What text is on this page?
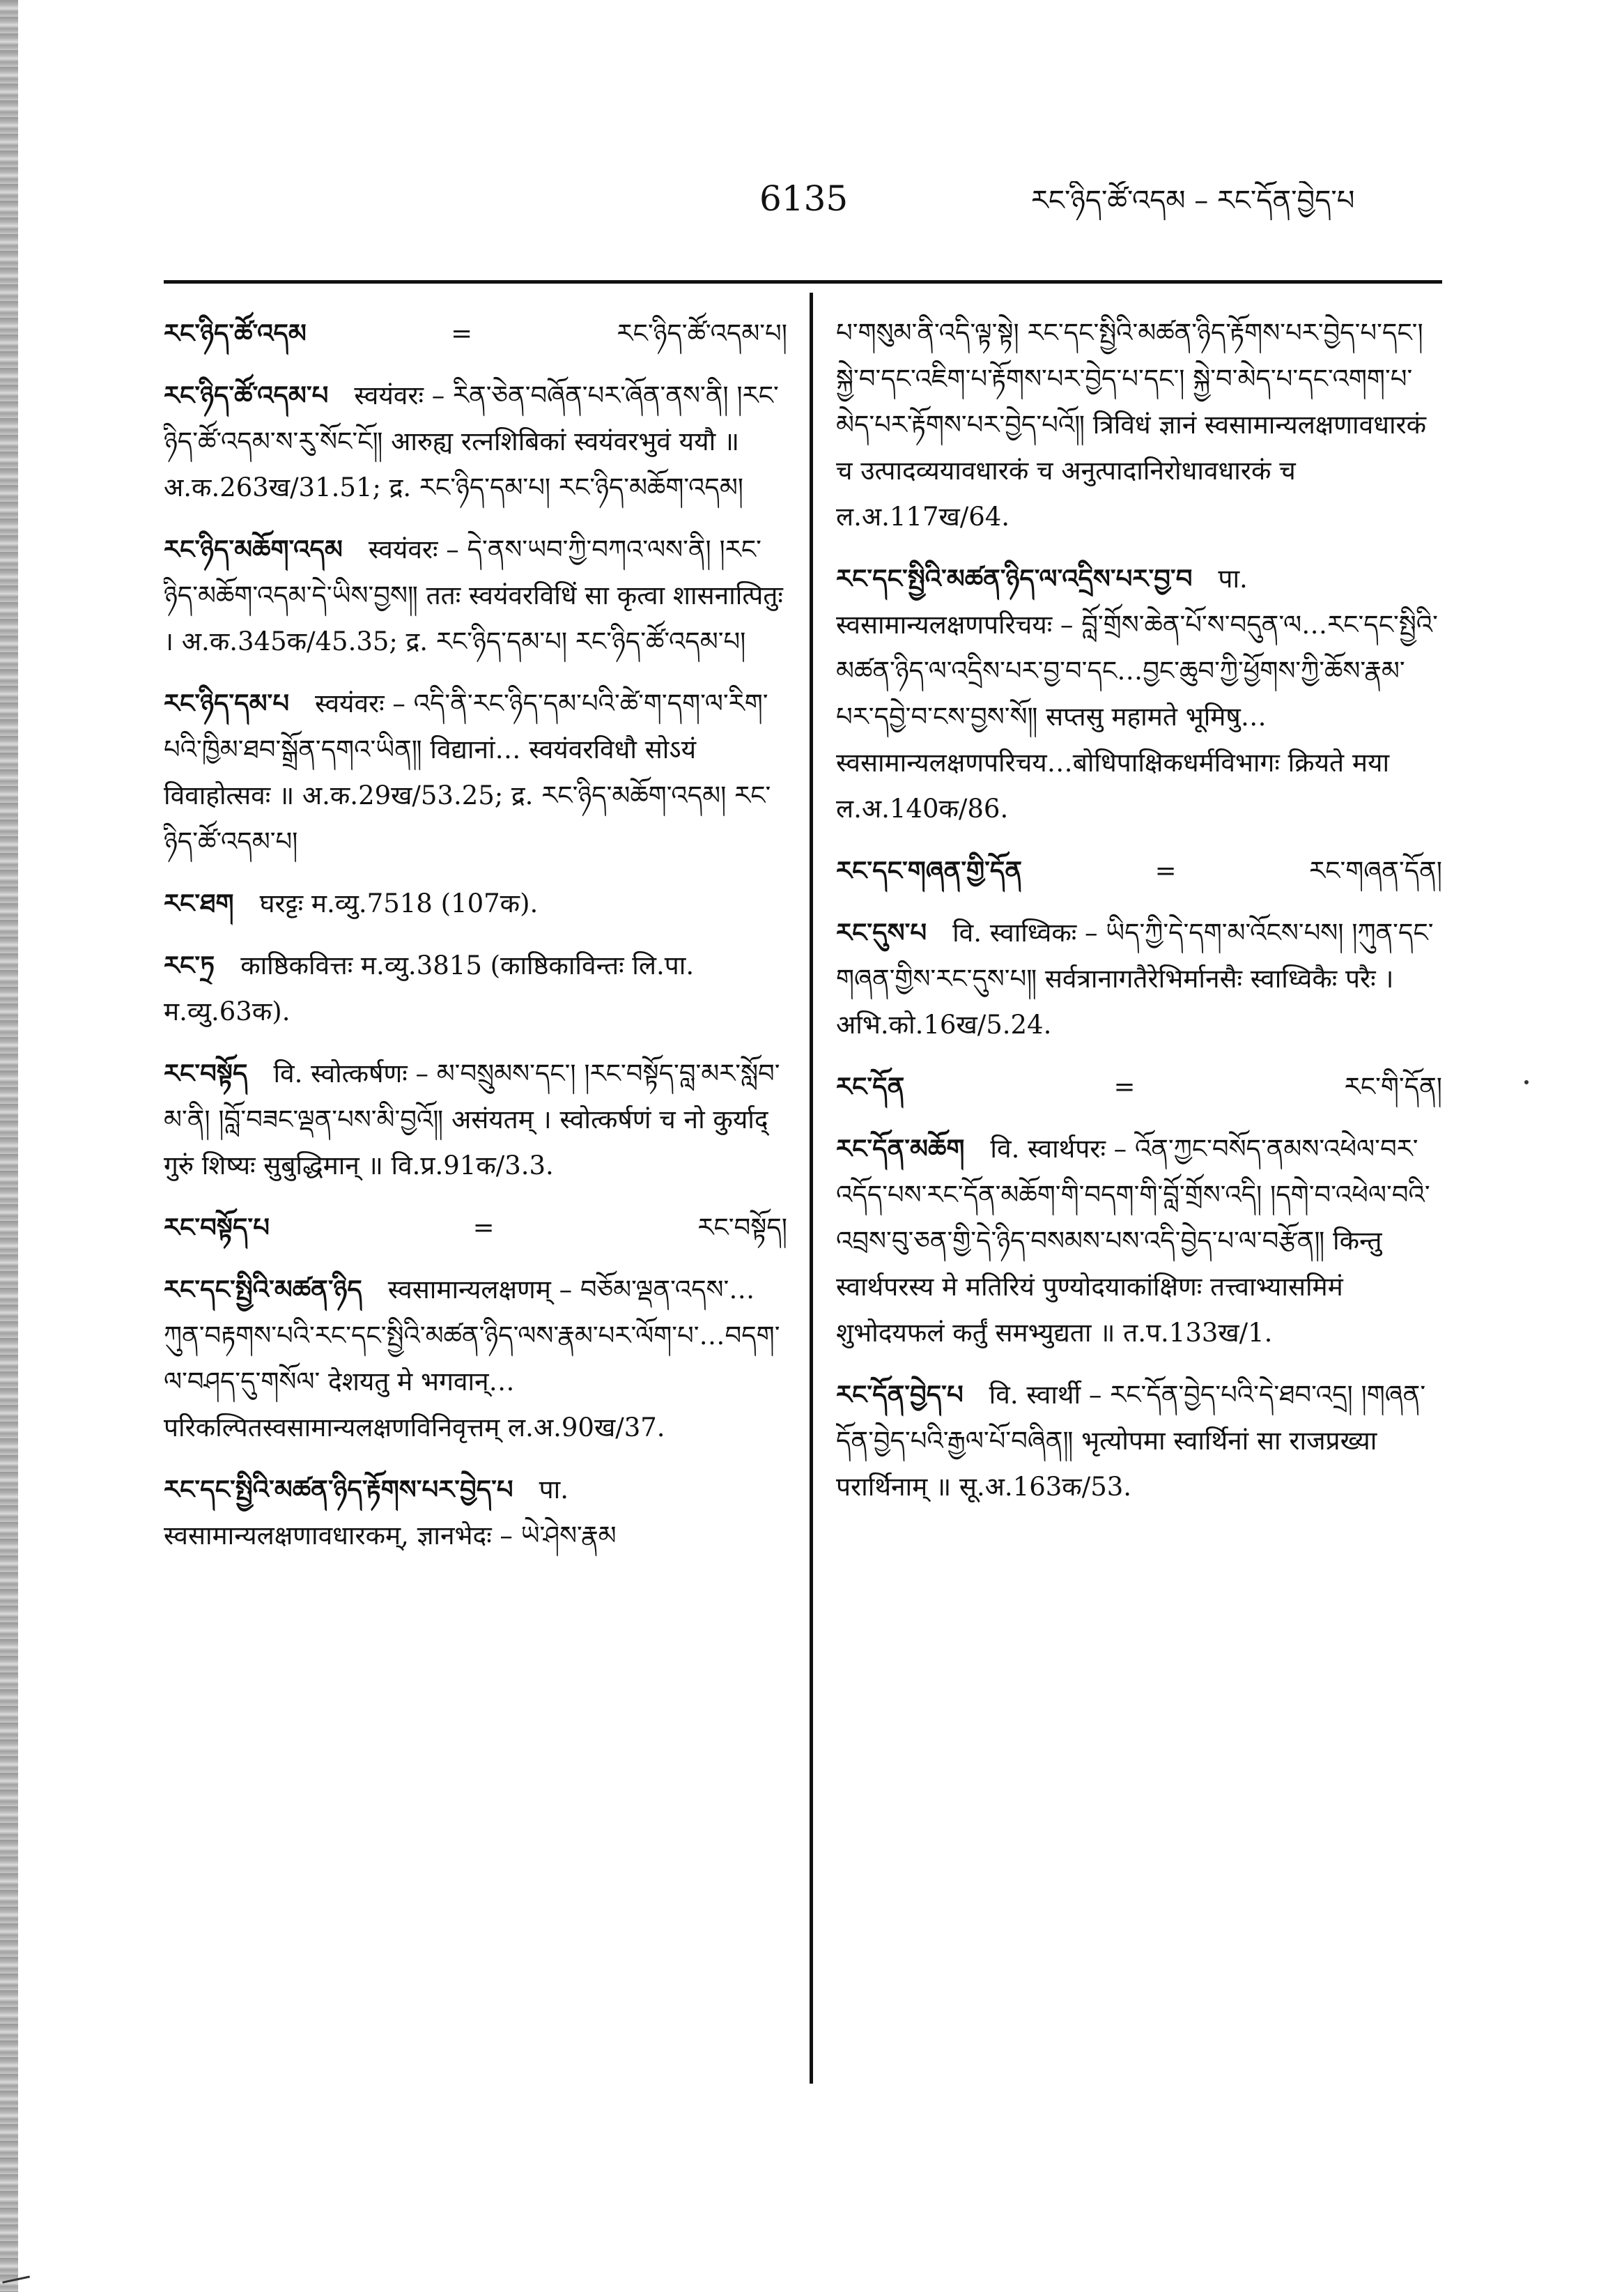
6135	རང་ཉིད་ཚོ་འདམ – རང་དོན་བྱེད་པ
རང་ཉིད་ཚོ་འདམ	=	རང་ཉིད་ཚོ་འདམ་པ།
རང་ཉིད་ཚོ་འདམ་པ  स्वयंवरः – རིན་ཅེན་བཞོན་པར་ཞོན་ནས་ནི། །རང་ཉིད་ཚོ་འདམ་ས་རུ་སོང་ངོ༎ आरुह्य रत्नशिबिकां स्वयंवरभुवं ययौ ॥ अ.क.263ख/31.51; द्र. རང་ཉིད་དམ་པ། རང་ཉིད་མཆོག་འདམ།
རང་ཉིད་མཆོག་འདམ  स्वयंवरः – དེ་ནས་ཡབ་ཀྱི་བཀའ་ལས་ནི། །རང་ཉིད་མཆོག་འདམ་དེ་ཡིས་བྱས༎ ततः स्वयंवरविधिं सा कृत्वा शासनात्पितुः । अ.क.345क/45.35; द्र. རང་ཉིད་དམ་པ། རང་ཉིད་ཚོ་འདམ་པ།
རང་ཉིད་དམ་པ  स्वयंवरः – འདི་ནི་རང་ཉིད་དམ་པའི་ཚེ་ག་དག་ལ་རིག་པའི་ཁྱིམ་ཐབ་སྒྲོན་དགའ་ཡིན༎ विद्यानां… स्वयंवरविधौ सोऽयं विवाहोत्सवः ॥ अ.क.29ख/53.25; द्र. རང་ཉིད་མཆོག་འདམ། རང་ཉིད་ཚོ་འདམ་པ།
རང་ཐག  घरट्टः म.व्यु.7518 (107क).
རང་ཏྲ  काष्ठिकवित्तः म.व्यु.3815 (काष्ठिकाविन्तः लि.पा. म.व्यु.63क).
རང་བསྟོད  वि. स्वोत्कर्षणः – མ་བསྲུམས་དང་། །རང་བསྟོད་བླ་མར་སློབ་མ་ནི། །བློ་བཟང་ལྡན་པས་མི་བྱའོ༎ असंयतम् । स्वोत्कर्षणं च नो कुर्याद् गुरुं शिष्यः सुबुद्धिमान् ॥ वि.प्र.91क/3.3.
རང་བསྟོད་པ	=	རང་བསྟོད།
རང་དང་སྤྱིའི་མཚན་ཉིད  स्वसामान्यलक्षणम् – བཅོམ་ལྡན་འདས་…ཀུན་བརྟགས་པའི་རང་དང་སྤྱིའི་མཚན་ཉིད་ལས་རྣམ་པར་ལོག་པ་…བདག་ལ་བཤད་དུ་གསོལ་ देशयतु मे भगवान्… परिकल्पितस्वसामान्यलक्षणविनिवृत्तम् ल.अ.90ख/37.
རང་དང་སྤྱིའི་མཚན་ཉིད་རྟོགས་པར་བྱེད་པ  पा. स्वसामान्यलक्षणावधारकम्, ज्ञानभेदः – ཡེ་ཤེས་རྣམ
པ་གསུམ་ནི་འདི་ལྟ་སྟེ། རང་དང་སྤྱིའི་མཚན་ཉིད་རྟོགས་པར་བྱེད་པ་དང་། སྐྱེ་བ་དང་འཇིག་པ་རྟོགས་པར་བྱེད་པ་དང་། སྐྱེ་བ་མེད་པ་དང་འགག་པ་མེད་པར་རྟོགས་པར་བྱེད་པའོ༎ त्रिविधं ज्ञानं स्वसामान्यलक्षणावधारकं च उत्पादव्ययावधारकं च अनुत्पादानिरोधावधारकं च ल.अ.117ख/64.
རང་དང་སྤྱིའི་མཚན་ཉིད་ལ་འདྲིས་པར་བྱ་བ  पा. स्वसामान्यलक्षणपरिचयः – བློ་གྲོས་ཆེན་པོ་ས་བདུན་ལ…རང་དང་སྤྱིའི་མཚན་ཉིད་ལ་འདྲིས་པར་བྱ་བ་དང…བྱང་ཆུབ་ཀྱི་ཕྱོགས་ཀྱི་ཆོས་རྣམ་པར་དབྱེ་བ་ངས་བྱས་སོ༎ सप्तसु महामते भूमिषु…स्वसामान्यलक्षणपरिचय…बोधिपाक्षिकधर्मविभागः क्रियते मया ल.अ.140क/86.
རང་དང་གཞན་གྱི་དོན	=	རང་གཞན་དོན།
རང་དུས་པ  वि. स्वाध्विकः – ཡིད་ཀྱི་དེ་དག་མ་འོངས་པས། །ཀུན་དང་གཞན་གྱིས་རང་དུས་པ༎ सर्वत्रानागतैरेभिर्मानसैः स्वाध्विकैः परैः । अभि.को.16ख/5.24.
རང་དོན	=	རང་གི་དོན།
རང་དོན་མཆོག  वि. स्वार्थपरः – འོན་ཀྱང་བསོད་ནམས་འཕེལ་བར་འདོད་པས་རང་དོན་མཆོག་གི་བདག་གི་བློ་གྲོས་འདི། །དགེ་བ་འཕེལ་བའི་འབྲས་བུ་ཅན་གྱི་དེ་ཉིད་བསམས་པས་འདི་བྱེད་པ་ལ་བརྩོན༎ किन्तु स्वार्थपरस्य मे मतिरियं पुण्योदयाकांक्षिणः तत्त्वाभ्यासमिमं शुभोदयफलं कर्तुं समभ्युद्यता ॥ त.प.133ख/1.
རང་དོན་བྱེད་པ  वि. स्वार्थी – རང་དོན་བྱེད་པའི་དེ་ཐབ་འདྲ། །གཞན་དོན་བྱེད་པའི་རྒྱལ་པོ་བཞིན༎ भृत्योपमा स्वार्थिनां सा राजप्रख्या परार्थिनाम् ॥ सू.अ.163क/53.
